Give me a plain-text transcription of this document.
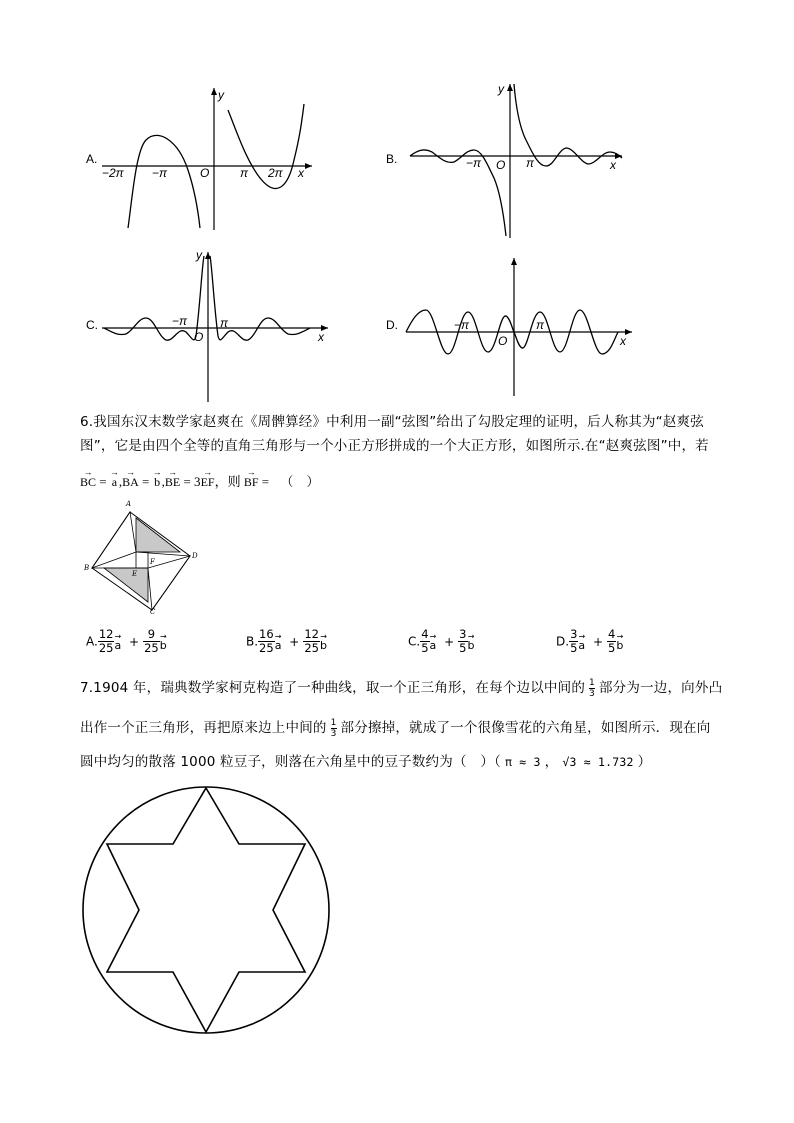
A.
−2π −π	O	π 2π x
y
B.	−π O π	x
y
C.	−π
O
π
x
y
D.	−π
O
π
x
6.我国东汉末数学家赵爽在《周髀算经》中利用一副“弦图”给出了勾股定理的证明，后人称其为“赵爽弦
图”，它是由四个全等的直角三角形与一个小正方形拼成的一个大正方形，如图所示.在“赵爽弦图”中，若
→
BC =
→
a ,
→
BA =
→
b ,
→
BE = 3
→
EF ，则
→
BF = （　）
A
B
C
D
E
F
A. $\frac{12}{25}$ →
$a + \frac{9}{25}$ →
b	B. $\frac{16}{25}$ →
$a + \frac{12}{25}$ →
b	C. $\frac{4}{5}$ →
$a + \frac{3}{5}$ →
b	D. $\frac{3}{5}$ →
$a + \frac{4}{5}$ →
b
7.1904 年，瑞典数学家柯克构造了一种曲线，取一个正三角形，在每个边以中间的 $\frac{1}{3}$ 部分为一边，向外凸
出作一个正三角形，再把原来边上中间的 $\frac{1}{3}$ 部分擦掉，就成了一个很像雪花的六角星，如图所示．现在向
圆中均匀的散落 1000 粒豆子，则落在六角星中的豆子数约为（　）（ π ≈ 3 ， √3 ≈ 1.732 ）
